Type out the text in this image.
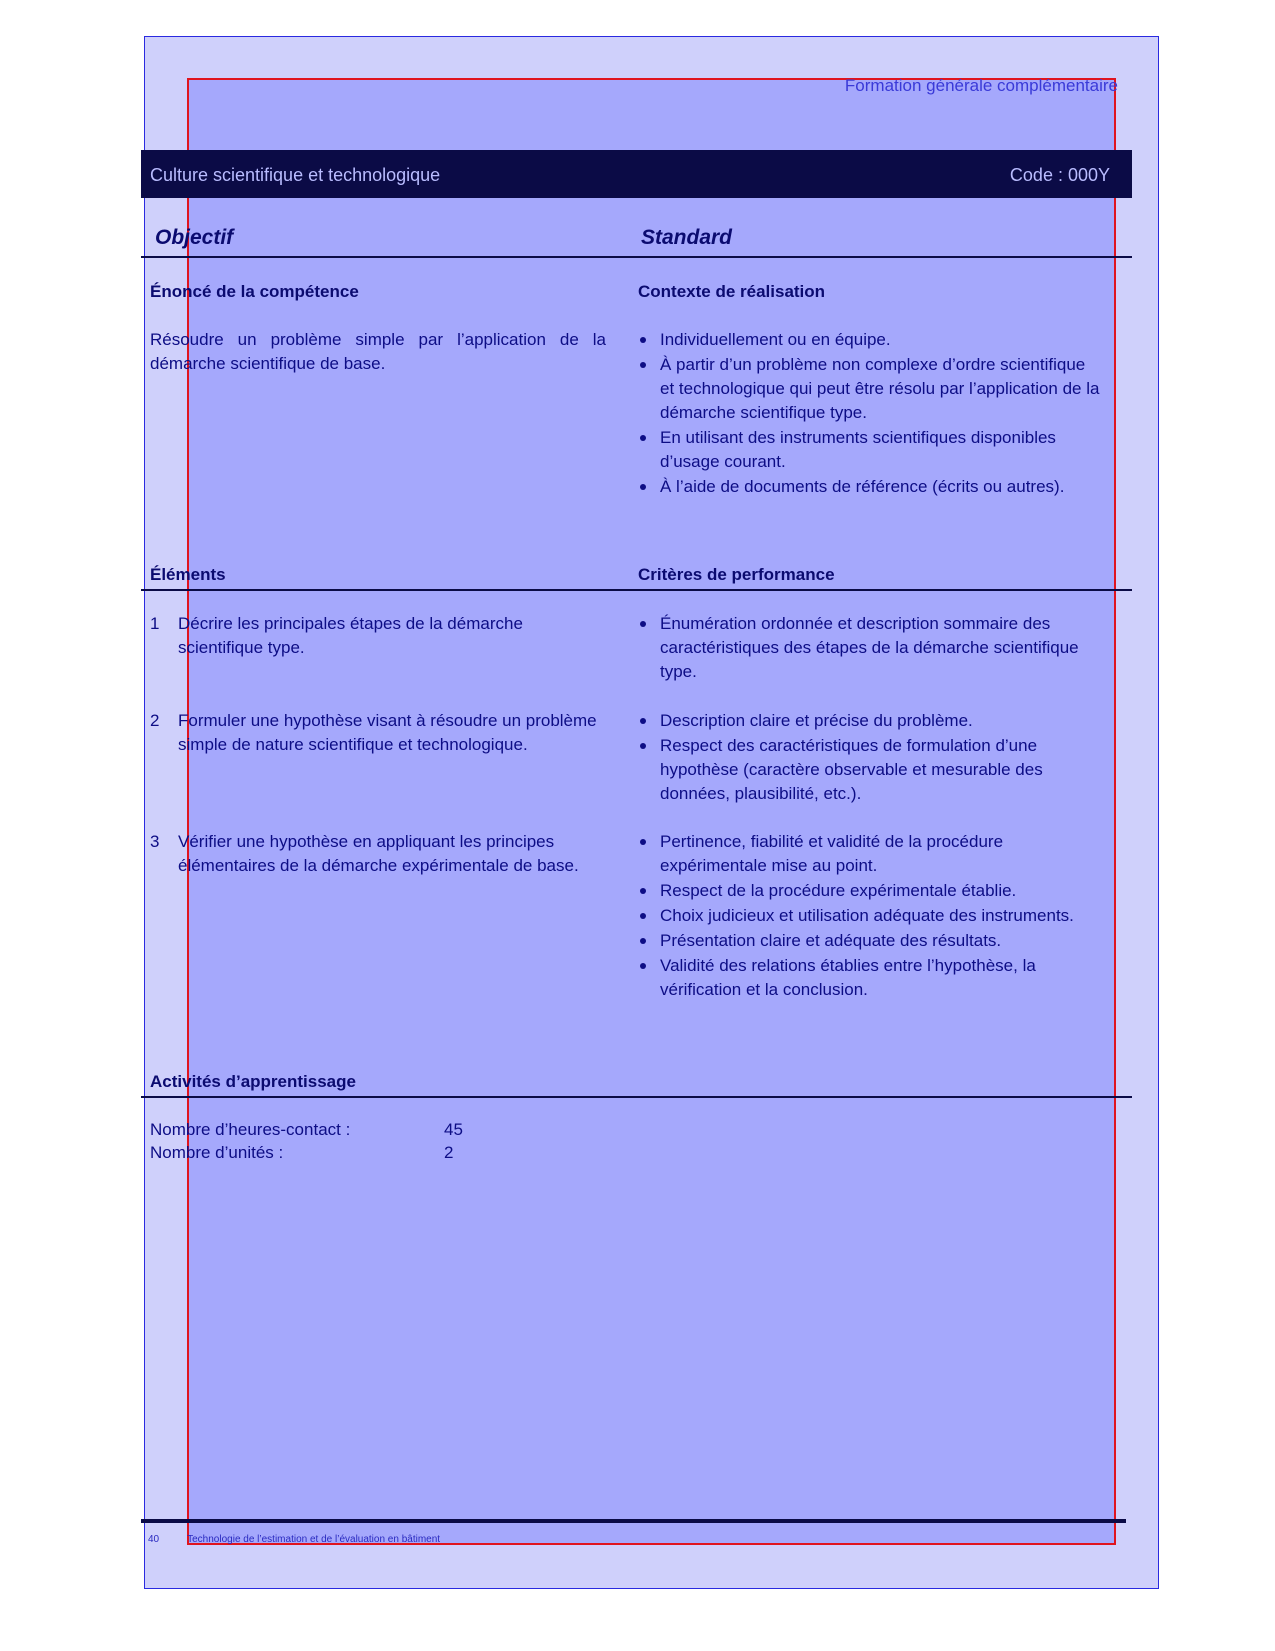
Formation générale complémentaire
Culture scientifique et technologique	Code : 000Y
Objectif	Standard
Énoncé de la compétence	Contexte de réalisation
Résoudre un problème simple par l’application de la démarche scientifique de base.
Individuellement ou en équipe.
À partir d’un problème non complexe d’ordre scientifique et technologique qui peut être résolu par l’application de la démarche scientifique type.
En utilisant des instruments scientifiques disponibles d’usage courant.
À l’aide de documents de référence (écrits ou autres).
Éléments	Critères de performance
1	Décrire les principales étapes de la démarche scientifique type.
Énumération ordonnée et description sommaire des caractéristiques des étapes de la démarche scientifique type.
2	Formuler une hypothèse visant à résoudre un problème simple de nature scientifique et technologique.
Description claire et précise du problème.
Respect des caractéristiques de formulation d’une hypothèse (caractère observable et mesurable des données, plausibilité, etc.).
3	Vérifier une hypothèse en appliquant les principes élémentaires de la démarche expérimentale de base.
Pertinence, fiabilité et validité de la procédure expérimentale mise au point.
Respect de la procédure expérimentale établie.
Choix judicieux et utilisation adéquate des instruments.
Présentation claire et adéquate des résultats.
Validité des relations établies entre l’hypothèse, la vérification et la conclusion.
Activités d’apprentissage
Nombre d’heures-contact :	45
Nombre d’unités :	2
40	Technologie de l’estimation et de l’évaluation en bâtiment
